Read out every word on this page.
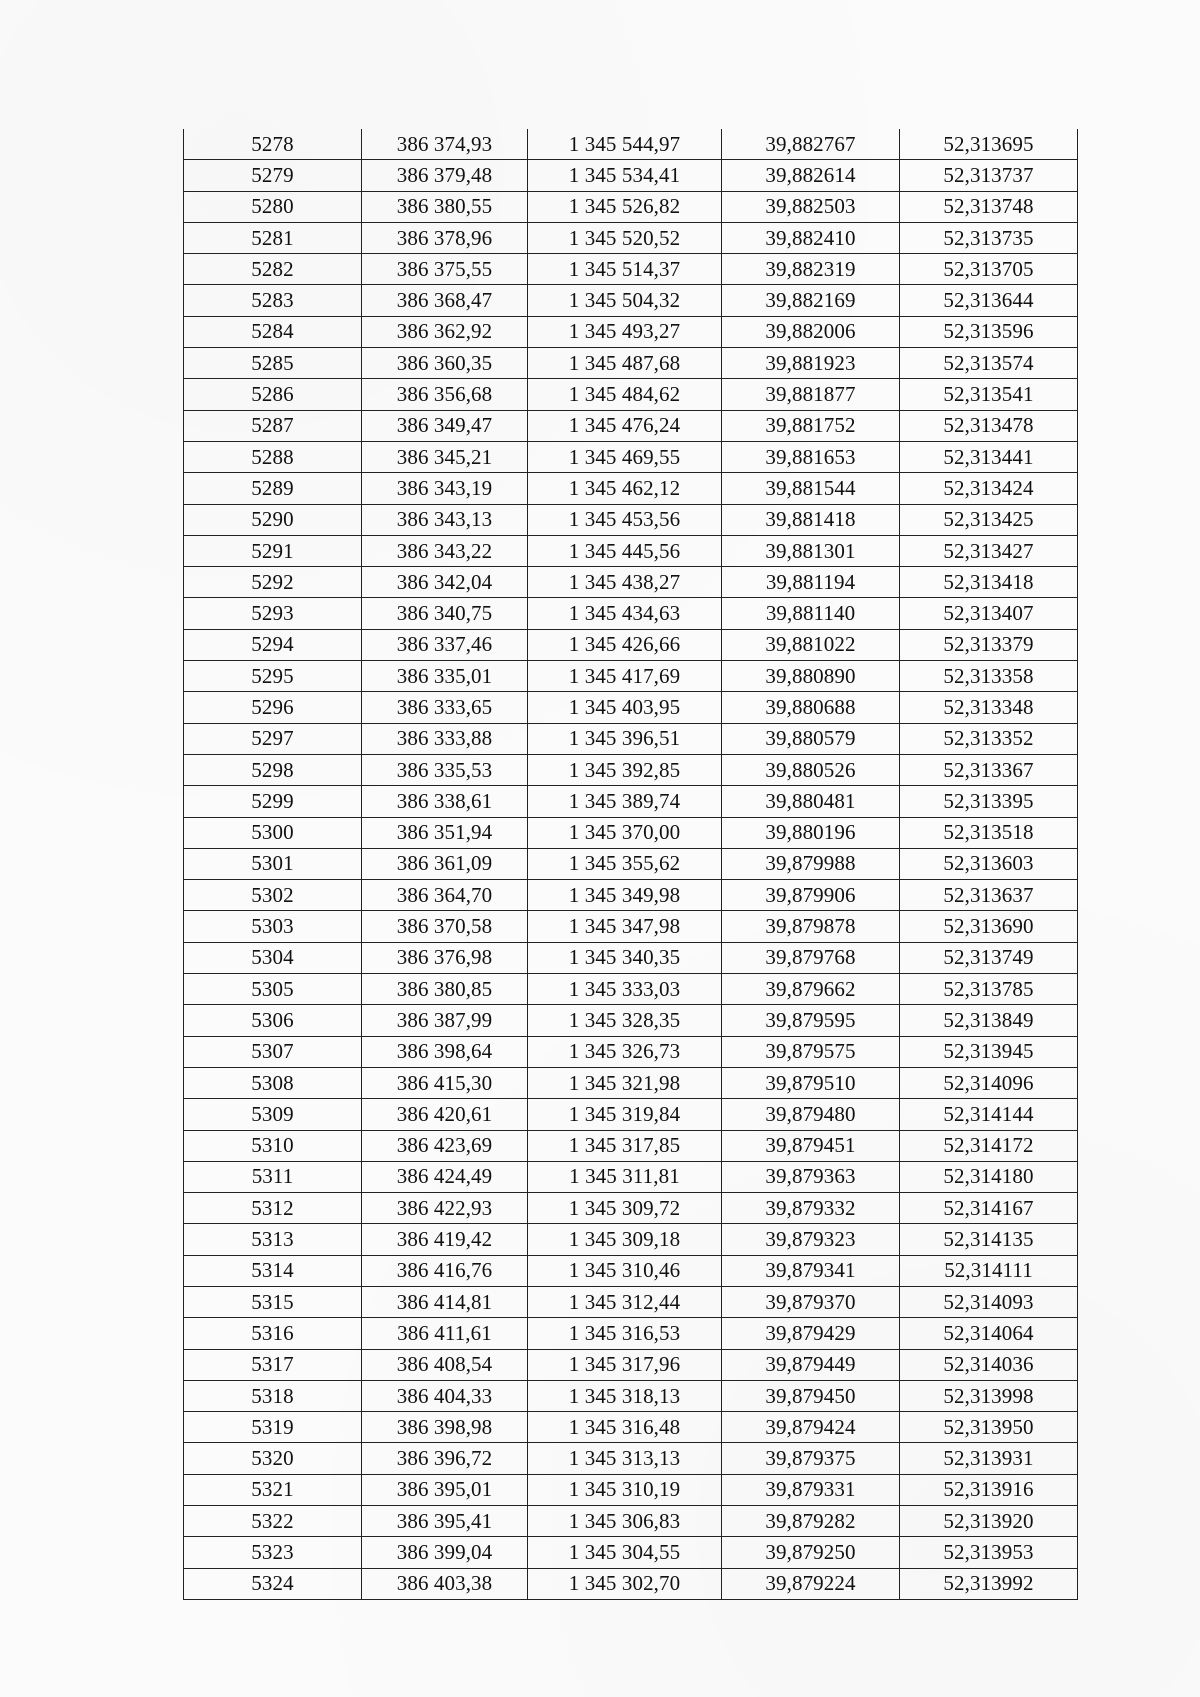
5278	386 374,93	1 345 544,97	39,882767	52,313695
5279	386 379,48	1 345 534,41	39,882614	52,313737
5280	386 380,55	1 345 526,82	39,882503	52,313748
5281	386 378,96	1 345 520,52	39,882410	52,313735
5282	386 375,55	1 345 514,37	39,882319	52,313705
5283	386 368,47	1 345 504,32	39,882169	52,313644
5284	386 362,92	1 345 493,27	39,882006	52,313596
5285	386 360,35	1 345 487,68	39,881923	52,313574
5286	386 356,68	1 345 484,62	39,881877	52,313541
5287	386 349,47	1 345 476,24	39,881752	52,313478
5288	386 345,21	1 345 469,55	39,881653	52,313441
5289	386 343,19	1 345 462,12	39,881544	52,313424
5290	386 343,13	1 345 453,56	39,881418	52,313425
5291	386 343,22	1 345 445,56	39,881301	52,313427
5292	386 342,04	1 345 438,27	39,881194	52,313418
5293	386 340,75	1 345 434,63	39,881140	52,313407
5294	386 337,46	1 345 426,66	39,881022	52,313379
5295	386 335,01	1 345 417,69	39,880890	52,313358
5296	386 333,65	1 345 403,95	39,880688	52,313348
5297	386 333,88	1 345 396,51	39,880579	52,313352
5298	386 335,53	1 345 392,85	39,880526	52,313367
5299	386 338,61	1 345 389,74	39,880481	52,313395
5300	386 351,94	1 345 370,00	39,880196	52,313518
5301	386 361,09	1 345 355,62	39,879988	52,313603
5302	386 364,70	1 345 349,98	39,879906	52,313637
5303	386 370,58	1 345 347,98	39,879878	52,313690
5304	386 376,98	1 345 340,35	39,879768	52,313749
5305	386 380,85	1 345 333,03	39,879662	52,313785
5306	386 387,99	1 345 328,35	39,879595	52,313849
5307	386 398,64	1 345 326,73	39,879575	52,313945
5308	386 415,30	1 345 321,98	39,879510	52,314096
5309	386 420,61	1 345 319,84	39,879480	52,314144
5310	386 423,69	1 345 317,85	39,879451	52,314172
5311	386 424,49	1 345 311,81	39,879363	52,314180
5312	386 422,93	1 345 309,72	39,879332	52,314167
5313	386 419,42	1 345 309,18	39,879323	52,314135
5314	386 416,76	1 345 310,46	39,879341	52,314111
5315	386 414,81	1 345 312,44	39,879370	52,314093
5316	386 411,61	1 345 316,53	39,879429	52,314064
5317	386 408,54	1 345 317,96	39,879449	52,314036
5318	386 404,33	1 345 318,13	39,879450	52,313998
5319	386 398,98	1 345 316,48	39,879424	52,313950
5320	386 396,72	1 345 313,13	39,879375	52,313931
5321	386 395,01	1 345 310,19	39,879331	52,313916
5322	386 395,41	1 345 306,83	39,879282	52,313920
5323	386 399,04	1 345 304,55	39,879250	52,313953
5324	386 403,38	1 345 302,70	39,879224	52,313992
